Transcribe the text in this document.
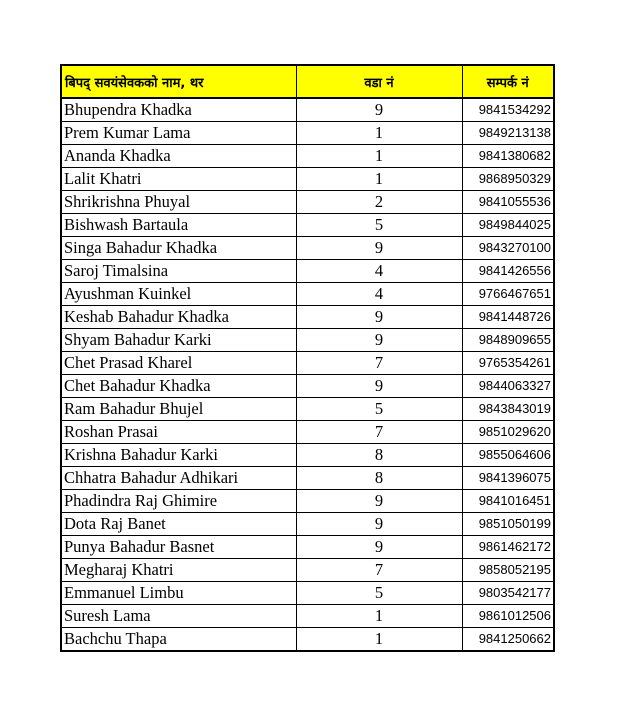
बिपद् सवयंसेवकको नाम, थर	वडा नं	सम्पर्क नं
Bhupendra Khadka	9	9841534292
Prem Kumar Lama	1	9849213138
Ananda Khadka	1	9841380682
Lalit Khatri	1	9868950329
Shrikrishna Phuyal	2	9841055536
Bishwash Bartaula	5	9849844025
Singa Bahadur Khadka	9	9843270100
Saroj Timalsina	4	9841426556
Ayushman Kuinkel	4	9766467651
Keshab Bahadur Khadka	9	9841448726
Shyam Bahadur Karki	9	9848909655
Chet Prasad Kharel	7	9765354261
Chet Bahadur Khadka	9	9844063327
Ram Bahadur Bhujel	5	9843843019
Roshan Prasai	7	9851029620
Krishna Bahadur Karki	8	9855064606
Chhatra Bahadur Adhikari	8	9841396075
Phadindra Raj Ghimire	9	9841016451
Dota Raj Banet	9	9851050199
Punya Bahadur Basnet	9	9861462172
Megharaj Khatri	7	9858052195
Emmanuel Limbu	5	9803542177
Suresh Lama	1	9861012506
Bachchu Thapa	1	9841250662
